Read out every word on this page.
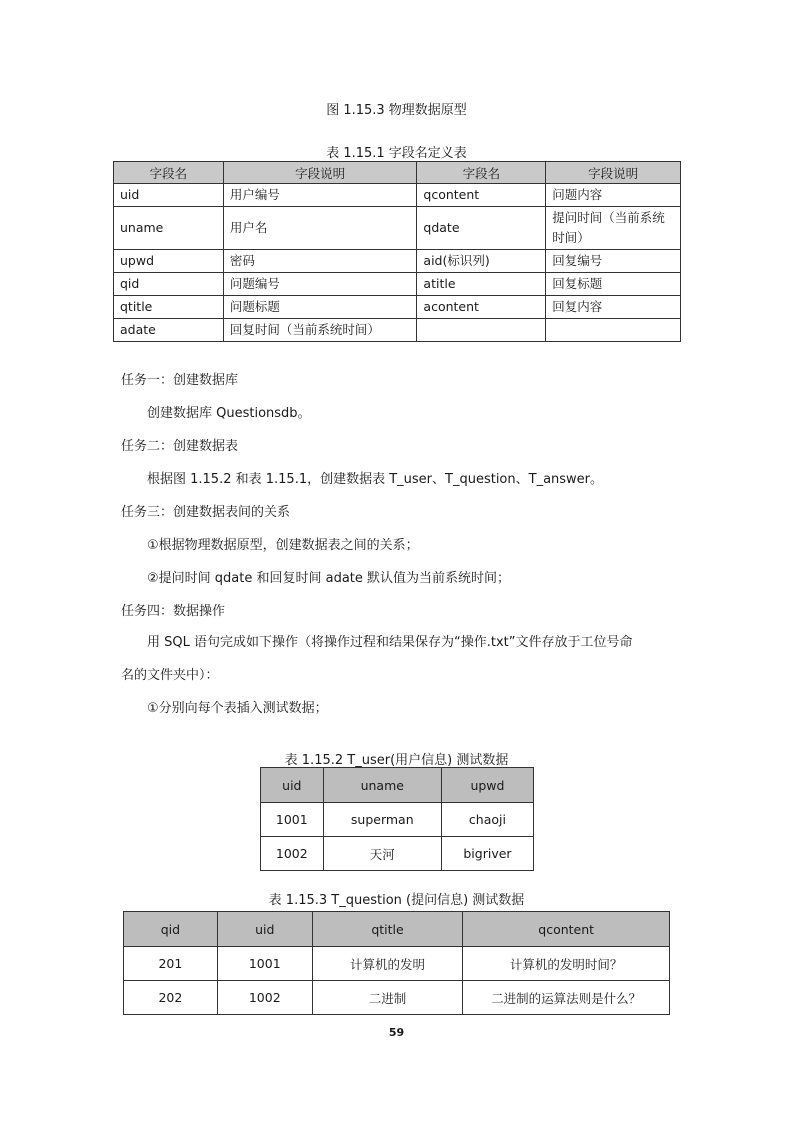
图 1.15.3 物理数据原型
表 1.15.1 字段名定义表
字段名	字段说明	字段名	字段说明
uid	用户编号	qcontent	问题内容
uname	用户名	qdate	提问时间（当前系统时间）
upwd	密码	aid(标识列)	回复编号
qid	问题编号	atitle	回复标题
qtitle	问题标题	acontent	回复内容
adate	回复时间（当前系统时间）		
任务一：创建数据库
创建数据库 Questionsdb。
任务二：创建数据表
根据图 1.15.2 和表 1.15.1，创建数据表 T_user、T_question、T_answer。
任务三：创建数据表间的关系
①根据物理数据原型，创建数据表之间的关系；
②提问时间 qdate 和回复时间 adate 默认值为当前系统时间；
任务四：数据操作
用 SQL 语句完成如下操作（将操作过程和结果保存为“操作.txt”文件存放于工位号命
名的文件夹中）：
①分别向每个表插入测试数据；
表 1.15.2 T_user(用户信息) 测试数据
uid	uname	upwd
1001	superman	chaoji
1002	天河	bigriver
表 1.15.3 T_question (提问信息) 测试数据
qid	uid	qtitle	qcontent
201	1001	计算机的发明	计算机的发明时间？
202	1002	二进制	二进制的运算法则是什么？
59
